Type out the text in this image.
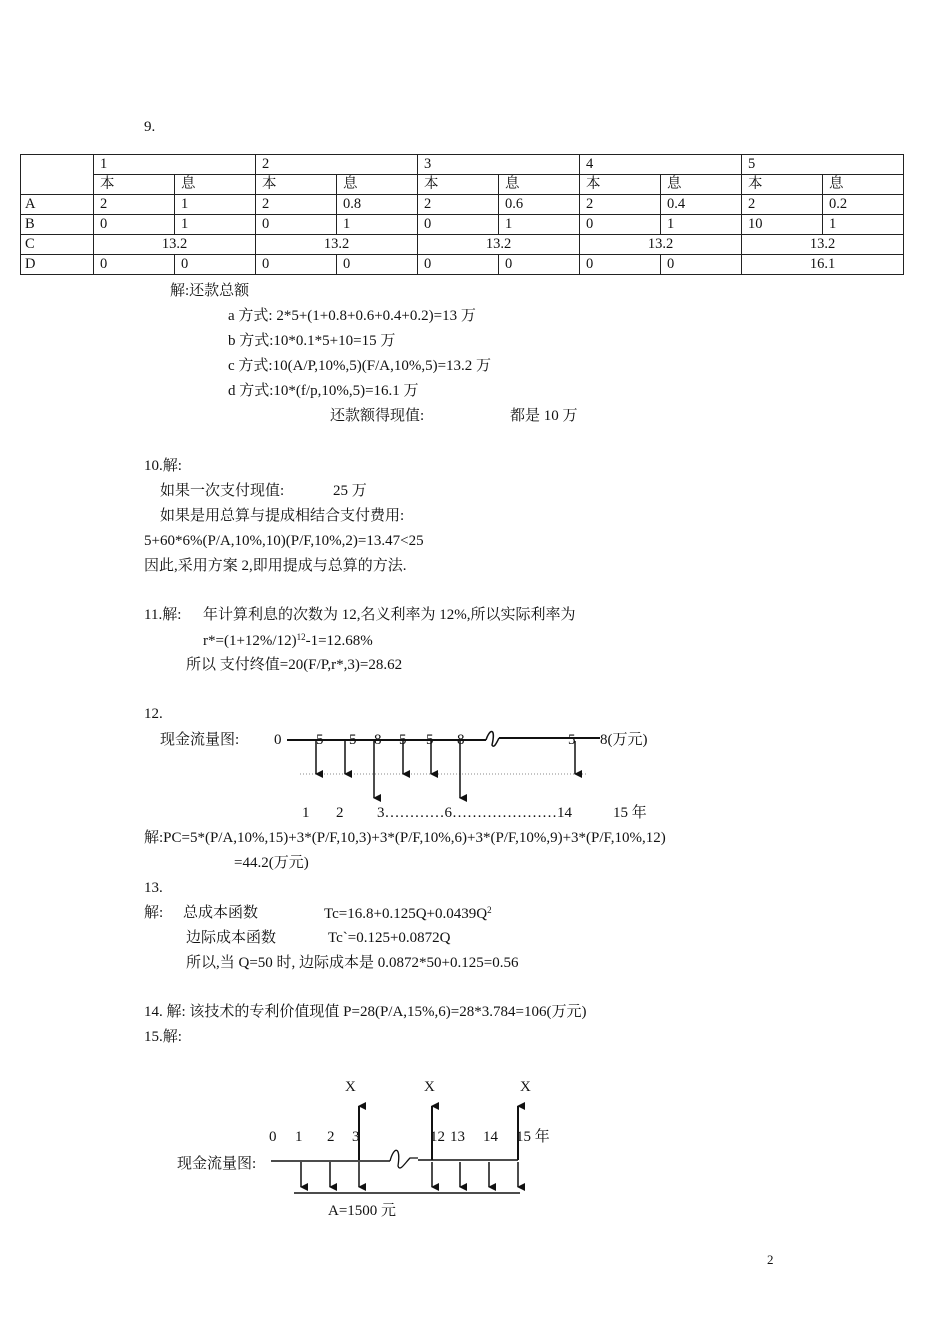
9.
	1		2		3		4		5	
	本	息	本	息	本	息	本	息	本	息
A	2	1	2	0.8	2	0.6	2	0.4	2	0.2
B	0	1	0	1	0	1	0	1	10	1
C	13.2		13.2		13.2		13.2		13.2	
D	0	0	0	0	0	0	0	0	16.1	
解:还款总额
a 方式: 2*5+(1+0.8+0.6+0.4+0.2)=13 万
b 方式:10*0.1*5+10=15 万
c 方式:10(A/P,10%,5)(F/A,10%,5)=13.2 万
d 方式:10*(f/p,10%,5)=16.1 万
还款额得现值:	都是 10 万
10.解:
如果一次支付现值:	25 万
如果是用总算与提成相结合支付费用:
5+60*6%(P/A,10%,10)(P/F,10%,2)=13.47<25
因此,采用方案 2,即用提成与总算的方法.
11.解: 年计算利息的次数为 12,名义利率为 12%,所以实际利率为
$r*=(1+12\%/12)^{12}-1=12.68\%$
所以 支付终值=20(F/P,r*,3)=28.62
12.
现金流量图: 0 5 5 8 5 5 8	5 8(万元)
1 2 3…………6…………………14	15 年
解:PC=5*(P/A,10%,15)+3*(P/F,10,3)+3*(P/F,10%,6)+3*(P/F,10%,9)+3*(P/F,10%,12)
=44.2(万元)
13.
解: 总成本函数	$Tc=16.8+0.125Q+0.0439Q^2$
边际成本函数	Tc`=0.125+0.0872Q
所以,当 Q=50 时, 边际成本是 0.0872*50+0.125=0.56
14. 解: 该技术的专利价值现值 P=28(P/A,15%,6)=28*3.784=106(万元)
15.解:
X	X	X
0 1 2 3	12 13 14 15 年
现金流量图:
A=1500 元
2
